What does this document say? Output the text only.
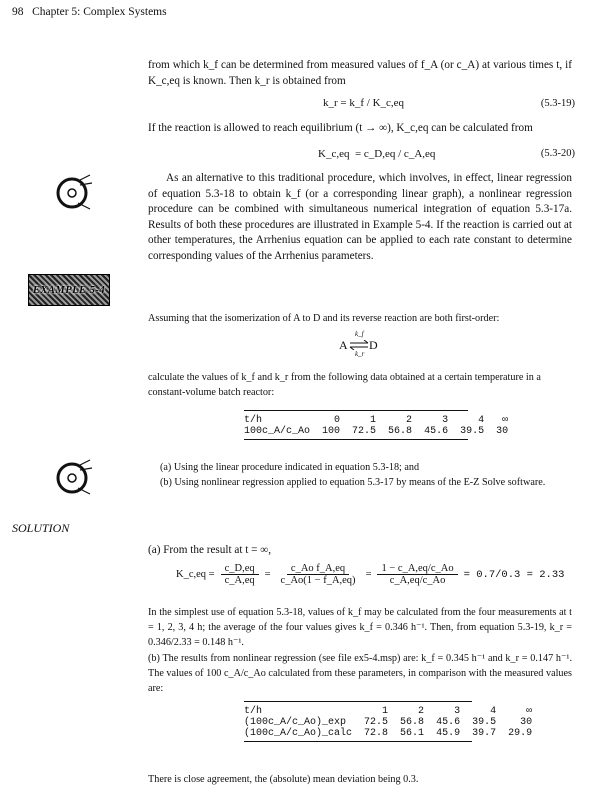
98 Chapter 5: Complex Systems
from which k_f can be determined from measured values of f_A (or c_A) at various times t, if K_c,eq is known. Then k_r is obtained from
k_r = k_f / K_c,eq	(5.3-19)
If the reaction is allowed to reach equilibrium (t → ∞), K_c,eq can be calculated from
K_c,eq = c_D,eq / c_A,eq	(5.3-20)
As an alternative to this traditional procedure, which involves, in effect, linear regression of equation 5.3-18 to obtain k_f (or a corresponding linear graph), a nonlinear regression procedure can be combined with simultaneous numerical integration of equation 5.3-17a. Results of both these procedures are illustrated in Example 5-4. If the reaction is carried out at other temperatures, the Arrhenius equation can be applied to each rate constant to determine corresponding values of the Arrhenius parameters.
EXAMPLE 5-4
Assuming that the isomerization of A to D and its reverse reaction are both first-order:
k_f
A ⇌ D
k_r
calculate the values of k_f and k_r from the following data obtained at a certain temperature in a constant-volume batch reactor:
t/h	0	1	2	3	4	∞
100c_A/c_Ao	100	72.5	56.8	45.6	39.5	30
(a) Using the linear procedure indicated in equation 5.3-18; and
(b) Using nonlinear regression applied to equation 5.3-17 by means of the E-Z Solve software.
SOLUTION
(a) From the result at t = ∞,
K_c,eq = $\frac{c\_D,eq}{c\_A,eq} = \frac{\text{c\_Ao f\_A,eq}}{c\_Ao(1 - f\_A,eq)} = \frac{1 - c\_A,eq/c\_Ao}{c\_A,eq/c\_Ao} = 0.7/0.3 = 2.33$
In the simplest use of equation 5.3-18, values of k_f may be calculated from the four measurements at t = 1, 2, 3, 4 h; the average of the four values gives k_f = 0.346 h⁻¹. Then, from equation 5.3-19, k_r = 0.346/2.33 = 0.148 h⁻¹.
(b) The results from nonlinear regression (see file ex5-4.msp) are: k_f = 0.345 h⁻¹ and k_r = 0.147 h⁻¹. The values of 100 c_A/c_Ao calculated from these parameters, in comparison with the measured values are:
t/h	1	2	3	4	∞
(100c_A/c_Ao)_exp	72.5	56.8	45.6	39.5	30
(100c_A/c_Ao)_calc	72.8	56.1	45.9	39.7	29.9
There is close agreement, the (absolute) mean deviation being 0.3.
